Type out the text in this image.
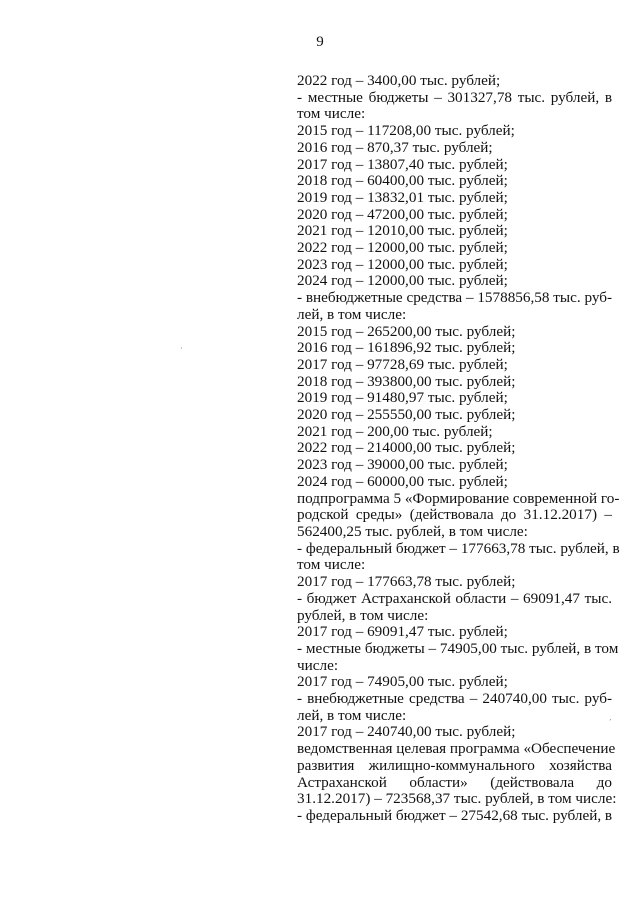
9
2022 год – 3400,00 тыс. рублей;
- местные бюджеты – 301327,78 тыс. рублей, в
том числе:
2015 год – 117208,00 тыс. рублей;
2016 год – 870,37 тыс. рублей;
2017 год – 13807,40 тыс. рублей;
2018 год – 60400,00 тыс. рублей;
2019 год – 13832,01 тыс. рублей;
2020 год – 47200,00 тыс. рублей;
2021 год – 12010,00 тыс. рублей;
2022 год – 12000,00 тыс. рублей;
2023 год – 12000,00 тыс. рублей;
2024 год – 12000,00 тыс. рублей;
- внебюджетные средства – 1578856,58 тыс. руб-
лей, в том числе:
2015 год – 265200,00 тыс. рублей;
2016 год – 161896,92 тыс. рублей;
2017 год – 97728,69 тыс. рублей;
2018 год – 393800,00 тыс. рублей;
2019 год – 91480,97 тыс. рублей;
2020 год – 255550,00 тыс. рублей;
2021 год – 200,00 тыс. рублей;
2022 год – 214000,00 тыс. рублей;
2023 год – 39000,00 тыс. рублей;
2024 год – 60000,00 тыс. рублей;
подпрограмма 5 «Формирование современной го-
родской среды» (действовала до 31.12.2017) –
562400,25 тыс. рублей, в том числе:
- федеральный бюджет – 177663,78 тыс. рублей, в
том числе:
2017 год – 177663,78 тыс. рублей;
- бюджет Астраханской области – 69091,47 тыс.
рублей, в том числе:
2017 год – 69091,47 тыс. рублей;
- местные бюджеты – 74905,00 тыс. рублей, в том
числе:
2017 год – 74905,00 тыс. рублей;
- внебюджетные средства – 240740,00 тыс. руб-
лей, в том числе:
2017 год – 240740,00 тыс. рублей;
ведомственная целевая программа «Обеспечение
развития жилищно-коммунального хозяйства
Астраханской области» (действовала до
31.12.2017) – 723568,37 тыс. рублей, в том числе:
- федеральный бюджет – 27542,68 тыс. рублей, в
ˊ
·
